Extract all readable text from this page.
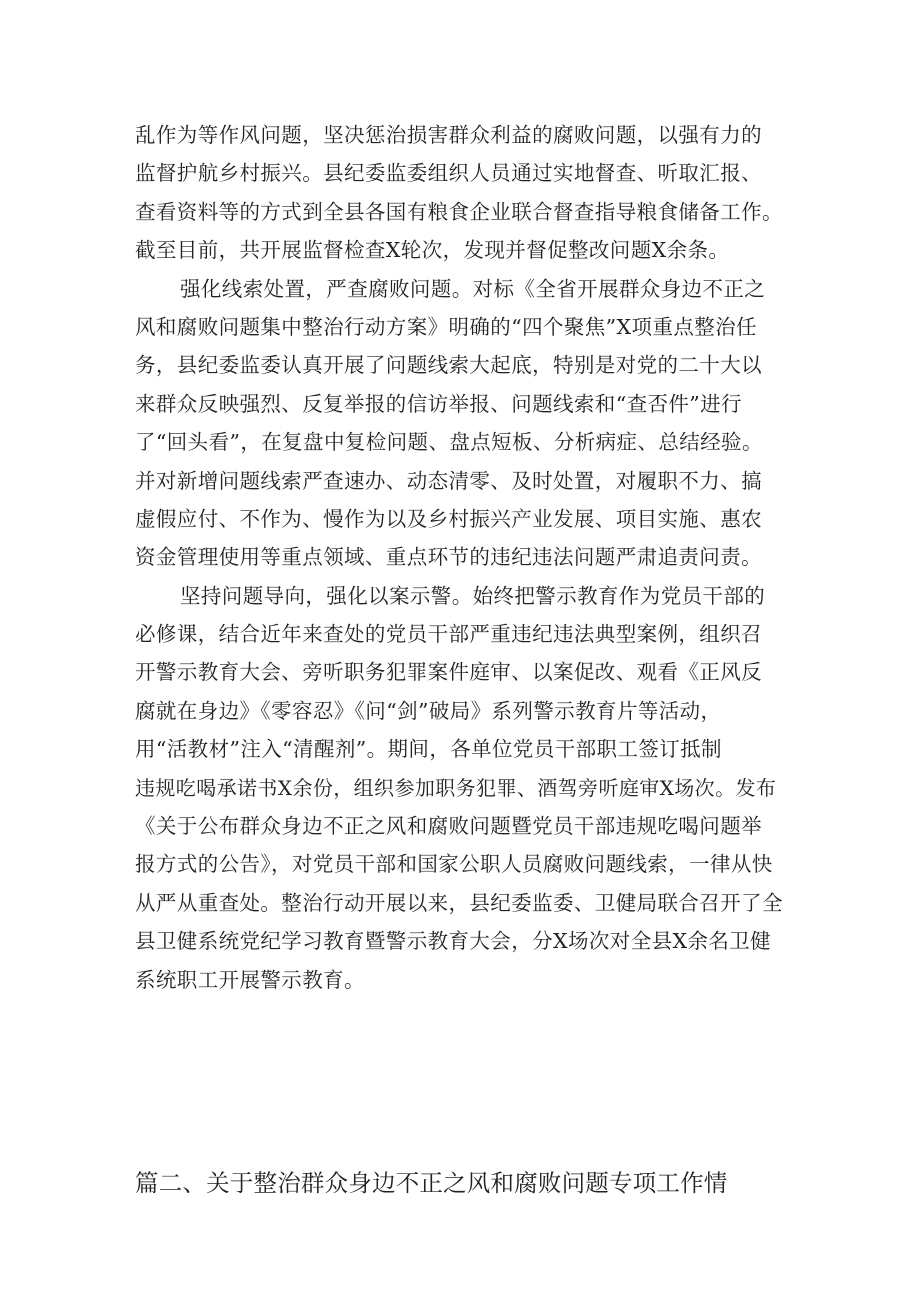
乱作为等作风问题，坚决惩治损害群众利益的腐败问题，以强有力的
监督护航乡村振兴。县纪委监委组织人员通过实地督查、听取汇报、
查看资料等的方式到全县各国有粮食企业联合督查指导粮食储备工作。
截至目前，共开展监督检查X轮次，发现并督促整改问题X余条。
强化线索处置，严查腐败问题。对标《全省开展群众身边不正之
风和腐败问题集中整治行动方案》明确的“四个聚焦”X项重点整治任
务，县纪委监委认真开展了问题线索大起底，特别是对党的二十大以
来群众反映强烈、反复举报的信访举报、问题线索和“查否件”进行
了“回头看”，在复盘中复检问题、盘点短板、分析病症、总结经验。
并对新增问题线索严查速办、动态清零、及时处置，对履职不力、搞
虚假应付、不作为、慢作为以及乡村振兴产业发展、项目实施、惠农
资金管理使用等重点领域、重点环节的违纪违法问题严肃追责问责。
坚持问题导向，强化以案示警。始终把警示教育作为党员干部的
必修课，结合近年来查处的党员干部严重违纪违法典型案例，组织召
开警示教育大会、旁听职务犯罪案件庭审、以案促改、观看《正风反
腐就在身边》《零容忍》《问“剑”破局》系列警示教育片等活动，
用“活教材”注入“清醒剂”。期间，各单位党员干部职工签订抵制
违规吃喝承诺书X余份，组织参加职务犯罪、酒驾旁听庭审X场次。发布
《关于公布群众身边不正之风和腐败问题暨党员干部违规吃喝问题举
报方式的公告》，对党员干部和国家公职人员腐败问题线索，一律从快
从严从重查处。整治行动开展以来，县纪委监委、卫健局联合召开了全
县卫健系统党纪学习教育暨警示教育大会，分X场次对全县X余名卫健
系统职工开展警示教育。
篇二、关于整治群众身边不正之风和腐败问题专项工作情
